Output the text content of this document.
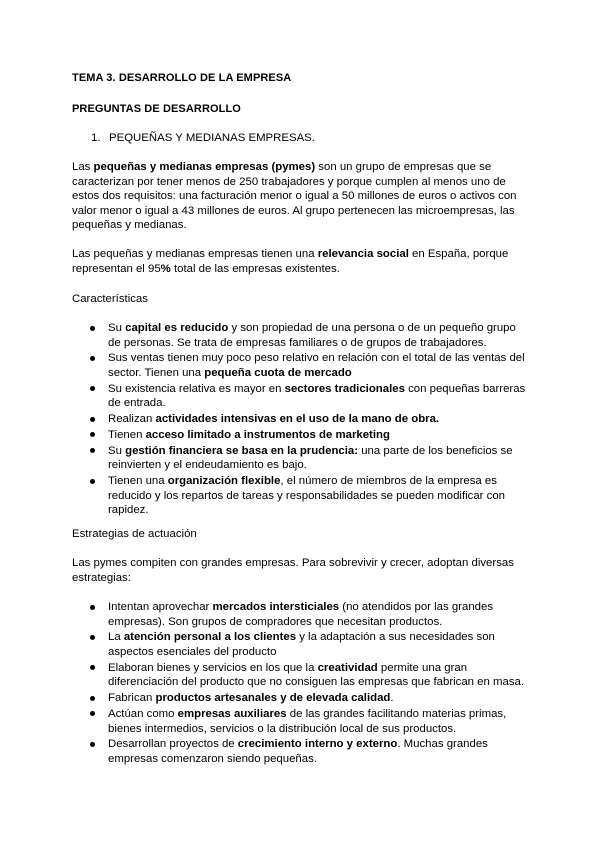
TEMA 3. DESARROLLO DE LA EMPRESA
PREGUNTAS DE DESARROLLO
1. PEQUEÑAS Y MEDIANAS EMPRESAS.
Las pequeñas y medianas empresas (pymes) son un grupo de empresas que se caracterizan por tener menos de 250 trabajadores y porque cumplen al menos uno de estos dos requisitos: una facturación menor o igual a 50 millones de euros o activos con valor menor o igual a 43 millones de euros. Al grupo pertenecen las microempresas, las pequeñas y medianas.
Las pequeñas y medianas empresas tienen una relevancia social en España, porque representan el 95% total de las empresas existentes.
Características
Su capital es reducido y son propiedad de una persona o de un pequeño grupo de personas. Se trata de empresas familiares o de grupos de trabajadores.
Sus ventas tienen muy poco peso relativo en relación con el total de las ventas del sector. Tienen una pequeña cuota de mercado
Su existencia relativa es mayor en sectores tradicionales con pequeñas barreras de entrada.
Realizan actividades intensivas en el uso de la mano de obra.
Tienen acceso limitado a instrumentos de marketing
Su gestión financiera se basa en la prudencia: una parte de los beneficios se reinvierten y el endeudamiento es bajo.
Tienen una organización flexible, el número de miembros de la empresa es reducido y los repartos de tareas y responsabilidades se pueden modificar con rapidez.
Estrategias de actuación
Las pymes compiten con grandes empresas. Para sobrevivir y crecer, adoptan diversas estrategias:
Intentan aprovechar mercados intersticiales (no atendidos por las grandes empresas). Son grupos de compradores que necesitan productos.
La atención personal a los clientes y la adaptación a sus necesidades son aspectos esenciales del producto
Elaboran bienes y servicios en los que la creatividad permite una gran diferenciación del producto que no consiguen las empresas que fabrican en masa.
Fabrican productos artesanales y de elevada calidad.
Actúan como empresas auxiliares de las grandes facilitando materias primas, bienes intermedios, servicios o la distribución local de sus productos.
Desarrollan proyectos de crecimiento interno y externo. Muchas grandes empresas comenzaron siendo pequeñas.
